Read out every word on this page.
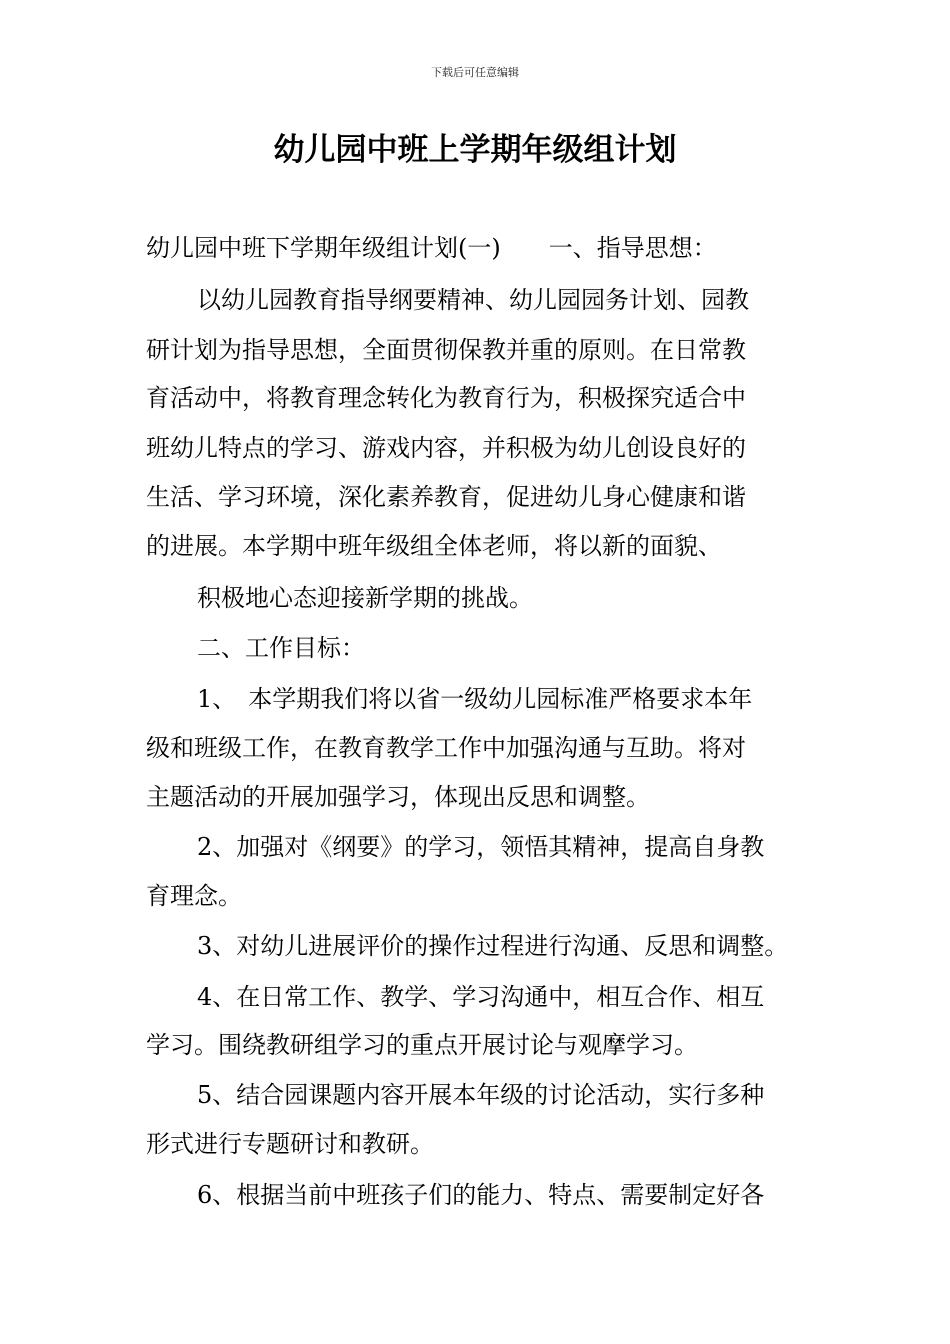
下载后可任意编辑
幼儿园中班上学期年级组计划

幼儿园中班下学期年级组计划(一)　　一、指导思想：

以幼儿园教育指导纲要精神、幼儿园园务计划、园教

研计划为指导思想，全面贯彻保教并重的原则。在日常教

育活动中，将教育理念转化为教育行为，积极探究适合中

班幼儿特点的学习、游戏内容，并积极为幼儿创设良好的

生活、学习环境，深化素养教育，促进幼儿身心健康和谐

的进展。本学期中班年级组全体老师，将以新的面貌、

积极地心态迎接新学期的挑战。

二、工作目标：

1、　本学期我们将以省一级幼儿园标准严格要求本年

级和班级工作，在教育教学工作中加强沟通与互助。将对

主题活动的开展加强学习，体现出反思和调整。

2、加强对《纲要》的学习，领悟其精神，提高自身教

育理念。

3、对幼儿进展评价的操作过程进行沟通、反思和调整。

4、在日常工作、教学、学习沟通中，相互合作、相互

学习。围绕教研组学习的重点开展讨论与观摩学习。

5、结合园课题内容开展本年级的讨论活动，实行多种

形式进行专题研讨和教研。

6、根据当前中班孩子们的能力、特点、需要制定好各
